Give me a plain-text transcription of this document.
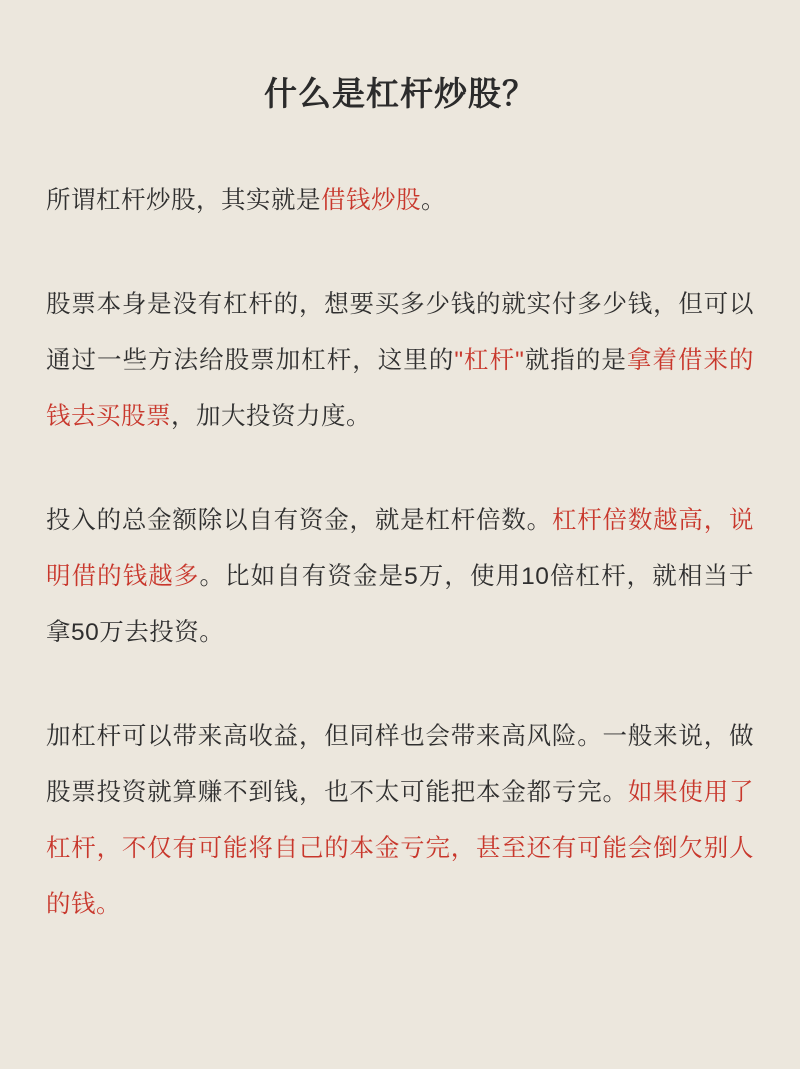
什么是杠杆炒股？

所谓杠杆炒股，其实就是借钱炒股。

股票本身是没有杠杆的，想要买多少钱的就实付多少钱，但可以通过一些方法给股票加杠杆，这里的"杠杆"就指的是拿着借来的钱去买股票，加大投资力度。

投入的总金额除以自有资金，就是杠杆倍数。杠杆倍数越高，说明借的钱越多。比如自有资金是5万，使用10倍杠杆，就相当于拿50万去投资。

加杠杆可以带来高收益，但同样也会带来高风险。一般来说，做股票投资就算赚不到钱，也不太可能把本金都亏完。如果使用了杠杆，不仅有可能将自己的本金亏完，甚至还有可能会倒欠别人的钱。
